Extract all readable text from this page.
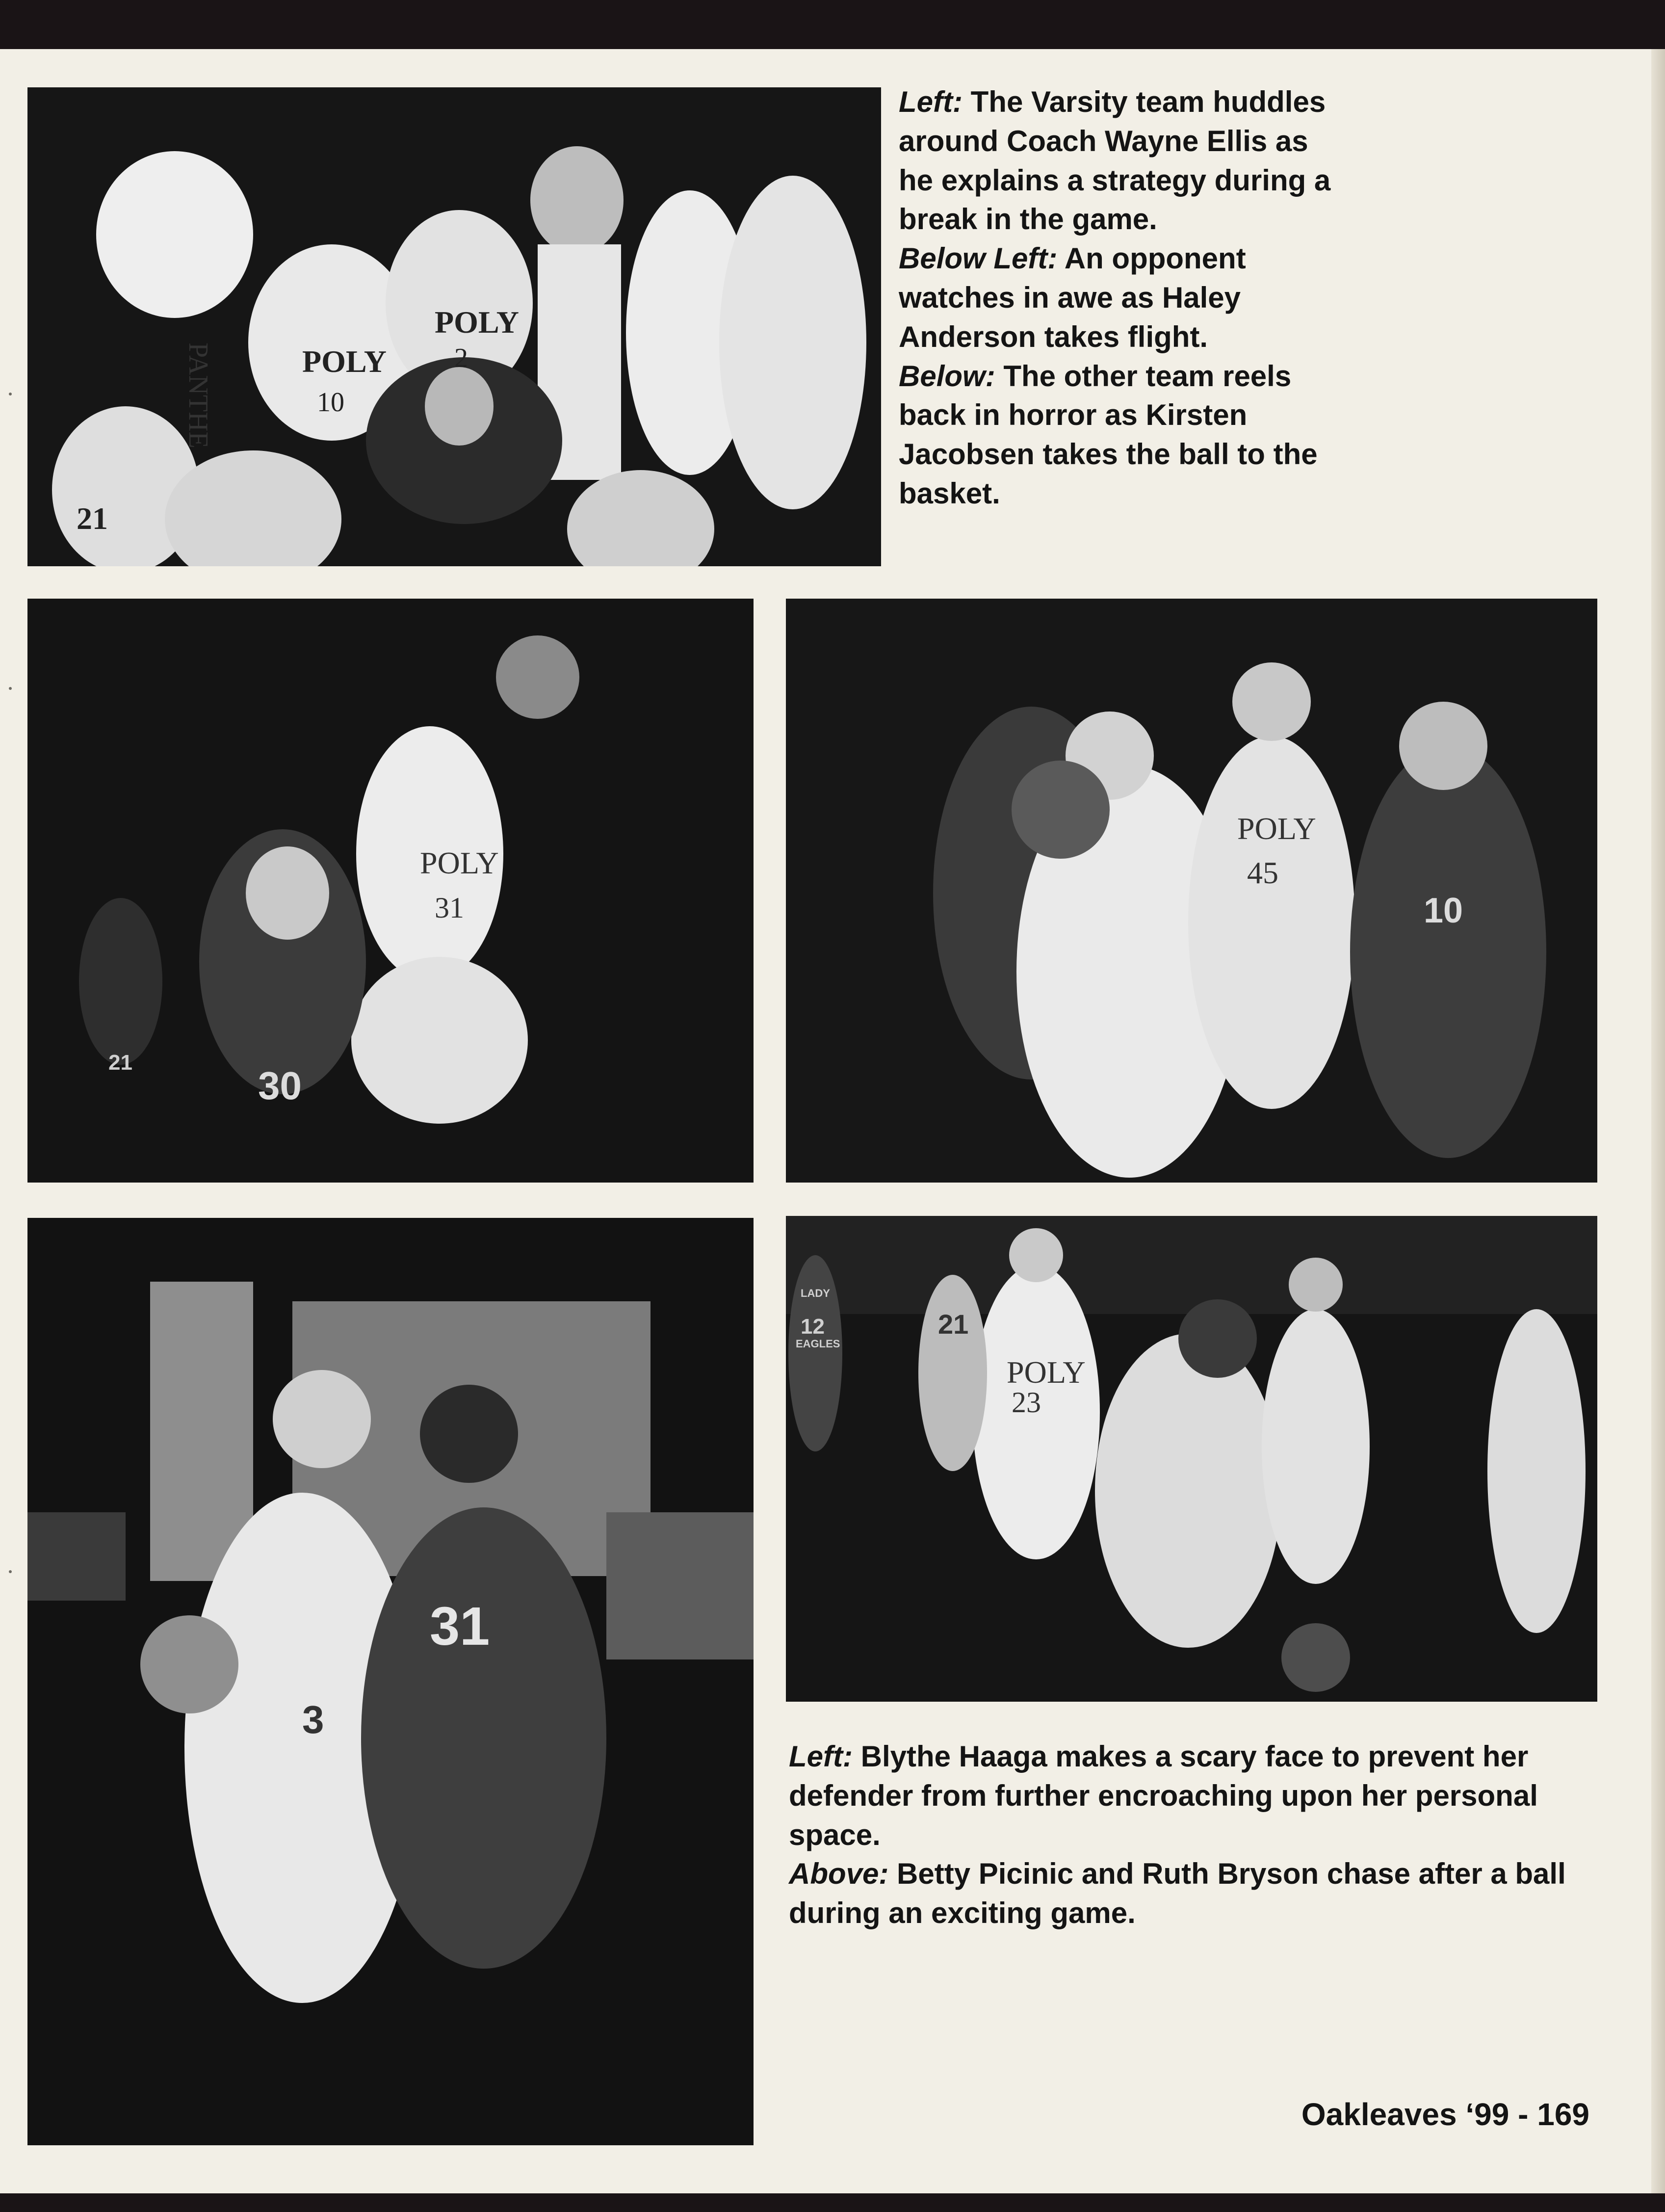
PANTHE	POLY
POLY
10
2
21

Left: The Varsity team huddles around Coach Wayne Ellis as he explains a strategy during a break in the game.

Below Left: An opponent watches in awe as Haley Anderson takes flight.

Below: The other team reels back in horror as Kirsten Jacobsen takes the ball to the basket.

POLY
31
30
21
POLY
45
10
31
3
POLY
23
21
12
LADY
EAGLES

Left: Blythe Haaga makes a scary face to prevent her defender from further encroaching upon her personal space.

Above: Betty Picinic and Ruth Bryson chase after a ball during an exciting game.

Oakleaves ‘99 - 169
